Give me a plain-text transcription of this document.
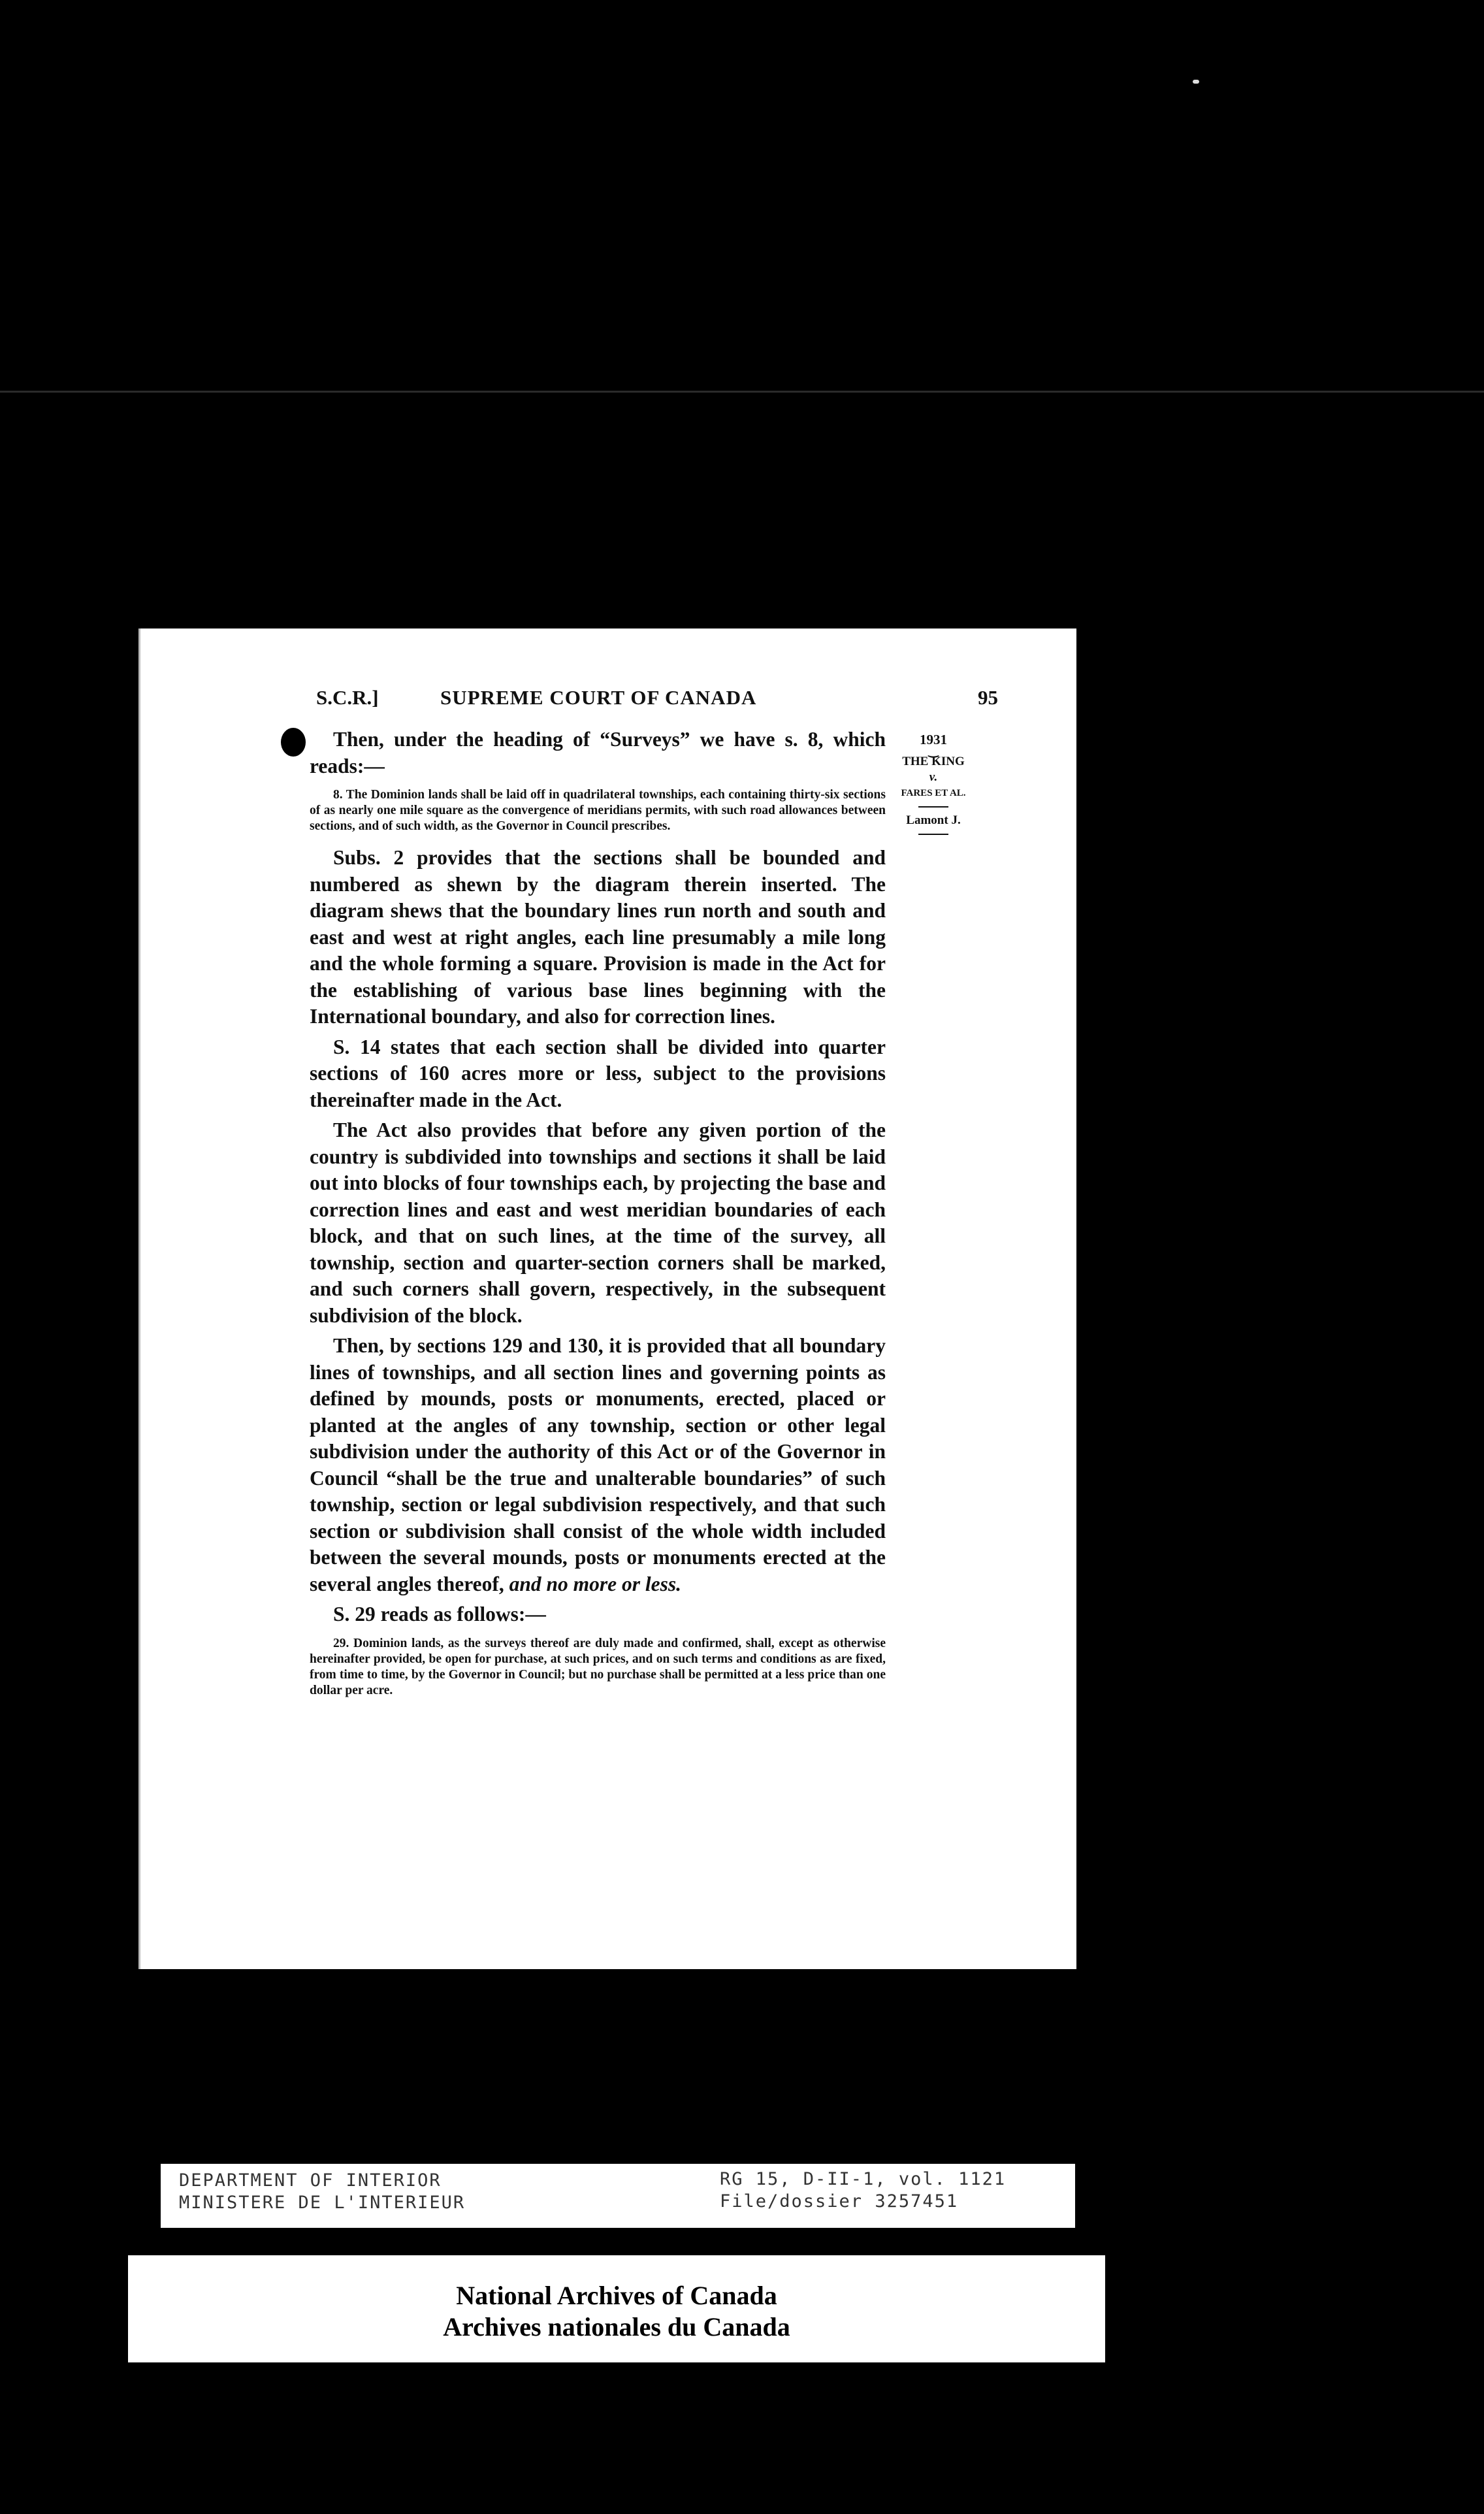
S.C.R.]	SUPREME COURT OF CANADA	95
1931
‿
THE KING
v.
FARES ET AL.
Lamont J.

Then, under the heading of “Surveys” we have s. 8, which reads:—

8. The Dominion lands shall be laid off in quadrilateral townships, each containing thirty-six sections of as nearly one mile square as the convergence of meridians permits, with such road allowances between sections, and of such width, as the Governor in Council prescribes.

Subs. 2 provides that the sections shall be bounded and numbered as shewn by the diagram therein inserted. The diagram shews that the boundary lines run north and south and east and west at right angles, each line presumably a mile long and the whole forming a square. Provision is made in the Act for the establishing of various base lines beginning with the International boundary, and also for correction lines.

S. 14 states that each section shall be divided into quarter sections of 160 acres more or less, subject to the provisions thereinafter made in the Act.

The Act also provides that before any given portion of the country is subdivided into townships and sections it shall be laid out into blocks of four townships each, by projecting the base and correction lines and east and west meridian boundaries of each block, and that on such lines, at the time of the survey, all township, section and quarter-section corners shall be marked, and such corners shall govern, respectively, in the subsequent subdivision of the block.

Then, by sections 129 and 130, it is provided that all boundary lines of townships, and all section lines and governing points as defined by mounds, posts or monuments, erected, placed or planted at the angles of any township, section or other legal subdivision under the authority of this Act or of the Governor in Council “shall be the true and unalterable boundaries” of such township, section or legal subdivision respectively, and that such section or subdivision shall consist of the whole width included between the several mounds, posts or monuments erected at the several angles thereof, and no more or less.

S. 29 reads as follows:—

29. Dominion lands, as the surveys thereof are duly made and confirmed, shall, except as otherwise hereinafter provided, be open for purchase, at such prices, and on such terms and conditions as are fixed, from time to time, by the Governor in Council; but no purchase shall be permitted at a less price than one dollar per acre.

DEPARTMENT OF INTERIOR
MINISTERE DE L'INTERIEUR
RG 15, D-II-1, vol. 1121
File/dossier 3257451
National Archives of Canada
Archives nationales du Canada
